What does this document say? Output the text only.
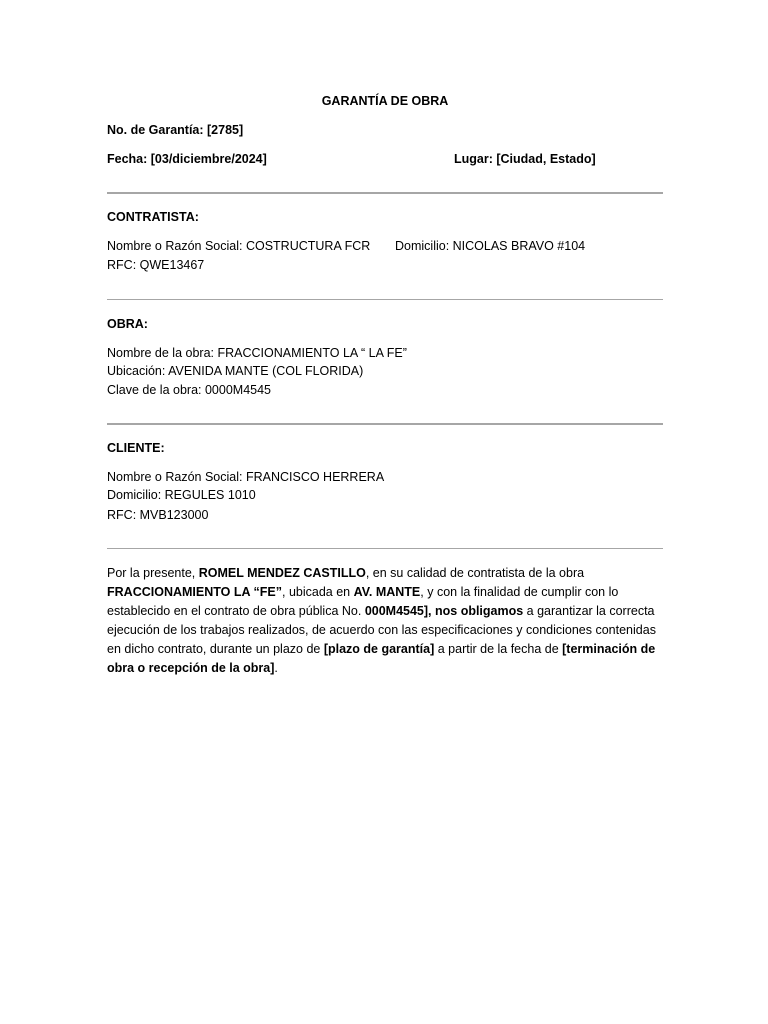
GARANTÍA DE OBRA
No. de Garantía: [2785]
Fecha: [03/diciembre/2024]	Lugar: [Ciudad, Estado]
CONTRATISTA:
Nombre o Razón Social: COSTRUCTURA FCR Domicilio: NICOLAS BRAVO #104
RFC: QWE13467
OBRA:
Nombre de la obra: FRACCIONAMIENTO LA “ LA FE”
Ubicación: AVENIDA MANTE (COL FLORIDA)
Clave de la obra: 0000M4545
CLIENTE:
Nombre o Razón Social: FRANCISCO HERRERA
Domicilio: REGULES 1010
RFC: MVB123000
Por la presente, ROMEL MENDEZ CASTILLO, en su calidad de contratista de la obra FRACCIONAMIENTO LA “FE”, ubicada en AV. MANTE, y con la finalidad de cumplir con lo establecido en el contrato de obra pública No. 000M4545], nos obligamos a garantizar la correcta ejecución de los trabajos realizados, de acuerdo con las especificaciones y condiciones contenidas en dicho contrato, durante un plazo de [plazo de garantía] a partir de la fecha de [terminación de obra o recepción de la obra].
